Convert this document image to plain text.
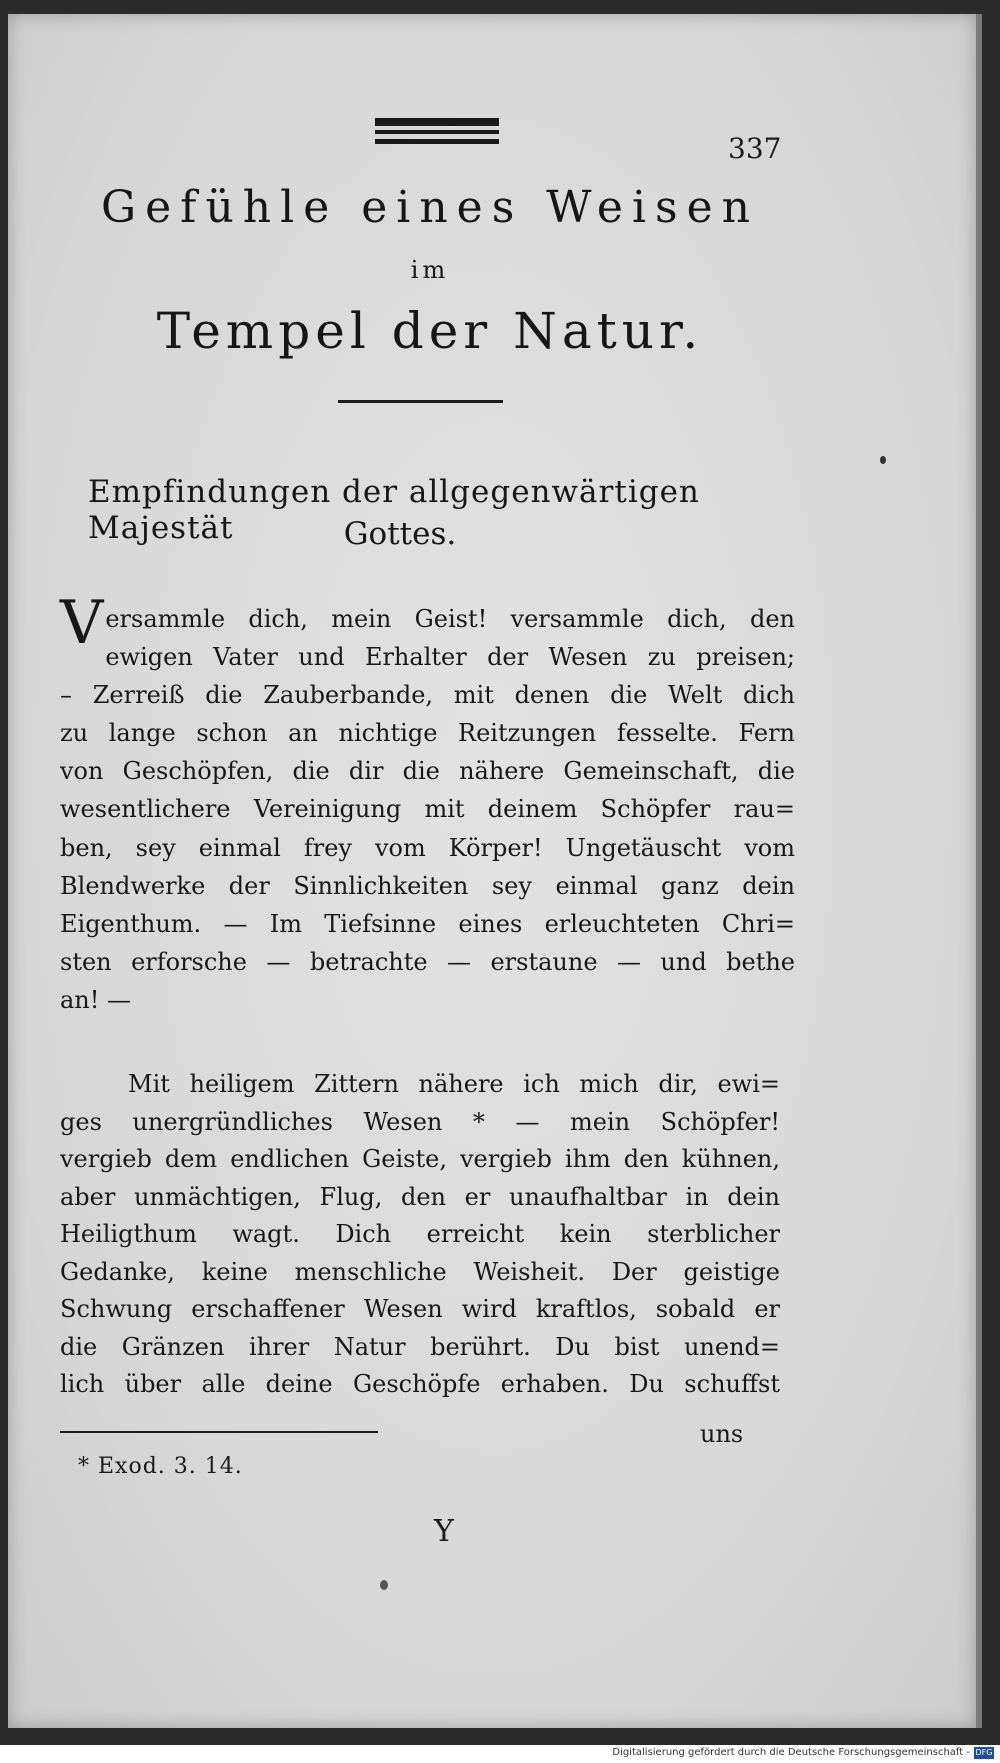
337
Gefühle eines Weisen
im
Tempel der Natur.
Empfindungen der allgegenwärtigen Majestät	Gottes.
V ersammle dich, mein Geist! versammle dich, den
ewigen Vater und Erhalter der Wesen zu preisen;
– Zerreiß die Zauberbande, mit denen die Welt dich
zu lange schon an nichtige Reitzungen fesselte. Fern
von Geschöpfen, die dir die nähere Gemeinschaft, die
wesentlichere Vereinigung mit deinem Schöpfer rau=
ben, sey einmal frey vom Körper! Ungetäuscht vom
Blendwerke der Sinnlichkeiten sey einmal ganz dein
Eigenthum. — Im Tiefsinne eines erleuchteten Chri=
sten erforsche — betrachte — erstaune — und bethe
an! —
Mit heiligem Zittern nähere ich mich dir, ewi=
ges unergründliches Wesen * — mein Schöpfer!
vergieb dem endlichen Geiste, vergieb ihm den kühnen,
aber unmächtigen, Flug, den er unaufhaltbar in dein
Heiligthum wagt. Dich erreicht kein sterblicher
Gedanke, keine menschliche Weisheit. Der geistige
Schwung erschaffener Wesen wird kraftlos, sobald er
die Gränzen ihrer Natur berührt. Du bist unend=
lich über alle deine Geschöpfe erhaben. Du schuffst
uns
* Exod. 3. 14.
Y
Digitalisierung gefördert durch die Deutsche Forschungsgemeinschaft - DFG
